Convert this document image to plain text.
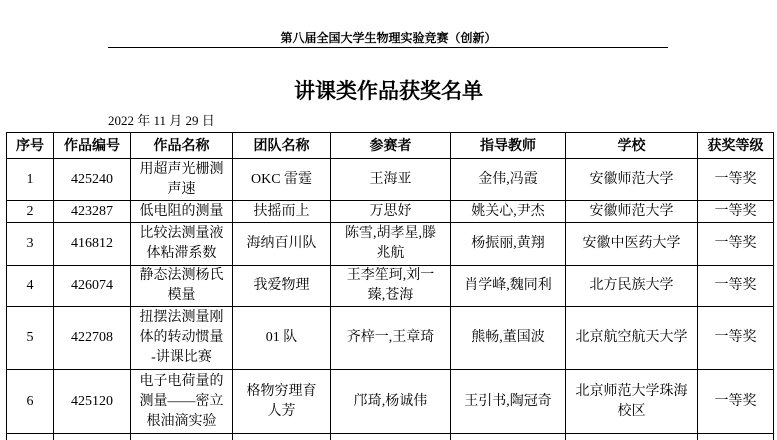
第八届全国大学生物理实验竞赛（创新）
讲课类作品获奖名单
2022 年 11 月 29 日
序号	作品编号	作品名称	团队名称	参赛者	指导教师	学校	获奖等级
1	425240	用超声光栅测声速	OKC 雷霆	王海亚	金伟,冯霞	安徽师范大学	一等奖
2	423287	低电阻的测量	扶摇而上	万思妤	姚关心,尹杰	安徽师范大学	一等奖
3	416812	比较法测量液体粘滞系数	海纳百川队	陈雪,胡孝星,滕兆航	杨振丽,黄翔	安徽中医药大学	一等奖
4	426074	静态法测杨氏模量	我爱物理	王李笙珂,刘一臻,苍海	肖学峰,魏同利	北方民族大学	一等奖
5	422708	扭摆法测量刚体的转动惯量-讲课比赛	01 队	齐梓一,王章琦	熊畅,董国波	北京航空航天大学	一等奖
6	425120	电子电荷量的测量——密立根油滴实验	格物穷理育人芳	邝琦,杨诚伟	王引书,陶冠奇	北京师范大学珠海校区	一等奖
